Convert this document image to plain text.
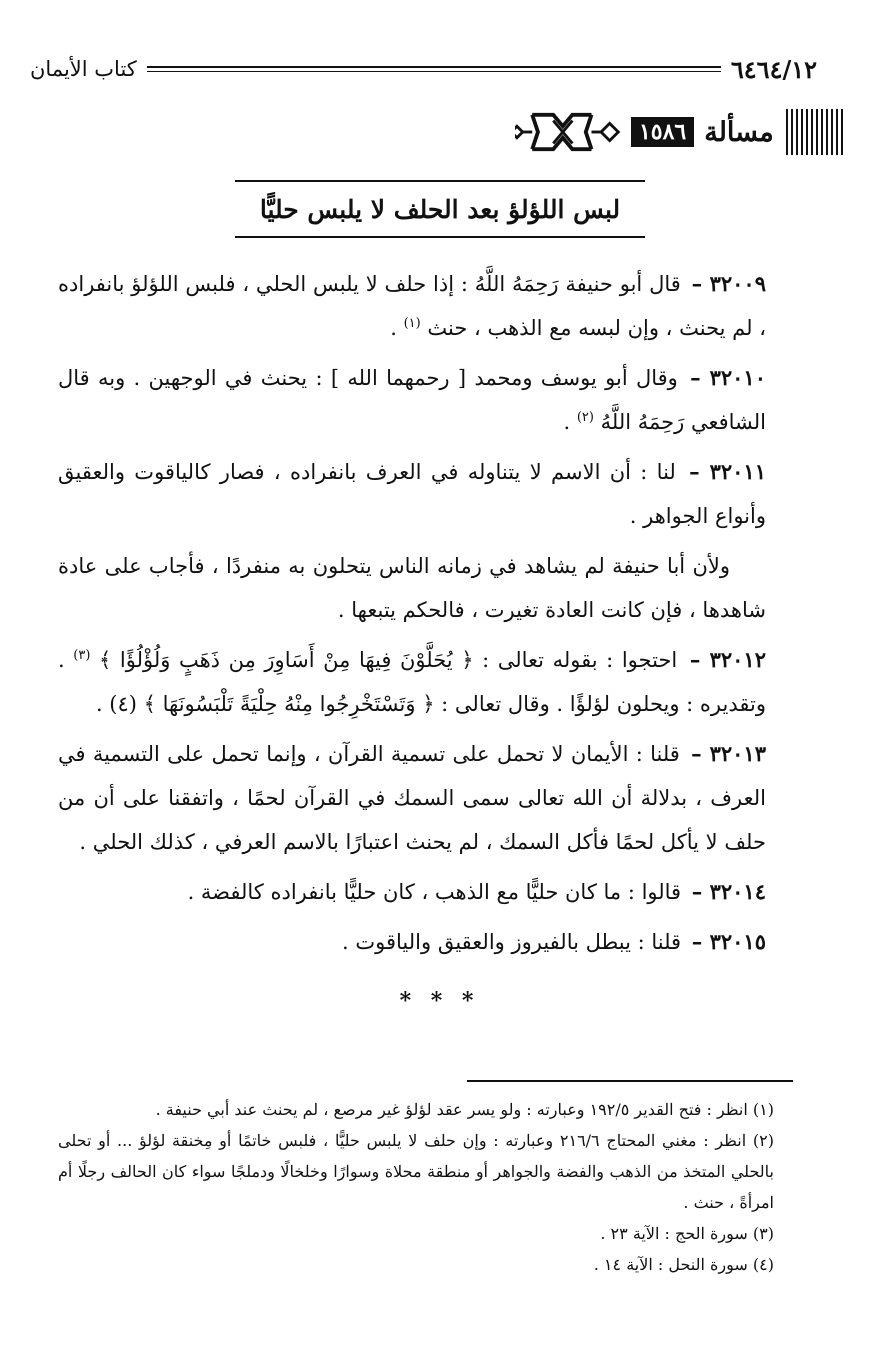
٦٤٦٤/١٢
كتاب الأيمان
مسألة
١٥٨٦
لبس اللؤلؤ بعد الحلف لا يلبس حليًّا

٣٢٠٠٩ – قال أبو حنيفة رَحِمَهُ اللَّهُ : إذا حلف لا يلبس الحلي ، فلبس اللؤلؤ بانفراده ، لم يحنث ، وإن لبسه مع الذهب ، حنث $^{(١)}$ .

٣٢٠١٠ – وقال أبو يوسف ومحمد [ رحمهما الله ] : يحنث في الوجهين . وبه قال الشافعي رَحِمَهُ اللَّهُ $^{(٢)}$ .

٣٢٠١١ – لنا : أن الاسم لا يتناوله في العرف بانفراده ، فصار كالياقوت والعقيق وأنواع الجواهر .

ولأن أبا حنيفة لم يشاهد في زمانه الناس يتحلون به منفردًا ، فأجاب على عادة شاهدها ، فإن كانت العادة تغيرت ، فالحكم يتبعها .

٣٢٠١٢ – احتجوا : بقوله تعالى : ﴿ يُحَلَّوْنَ فِيهَا مِنْ أَسَاوِرَ مِن ذَهَبٍ وَلُؤْلُؤًا ﴾ $^{(٣)}$ . وتقديره : ويحلون لؤلؤًا . وقال تعالى : ﴿ وَتَسْتَخْرِجُوا مِنْهُ حِلْيَةً تَلْبَسُونَهَا ﴾ (٤) .

٣٢٠١٣ – قلنا : الأيمان لا تحمل على تسمية القرآن ، وإنما تحمل على التسمية في العرف ، بدلالة أن الله تعالى سمى السمك في القرآن لحمًا ، واتفقنا على أن من حلف لا يأكل لحمًا فأكل السمك ، لم يحنث اعتبارًا بالاسم العرفي ، كذلك الحلي .

٣٢٠١٤ – قالوا : ما كان حليًّا مع الذهب ، كان حليًّا بانفراده كالفضة .

٣٢٠١٥ – قلنا : يبطل بالفيروز والعقيق والياقوت .

* * *

(١) انظر : فتح القدير ١٩٢/٥ وعبارته : ولو يسر عقد لؤلؤ غير مرصع ، لم يحنث عند أبي حنيفة .

(٢) انظر : مغني المحتاج ٢١٦/٦ وعبارته : وإن حلف لا يلبس حليًّا ، فلبس خاتمًا أو مِخنقة لؤلؤ ... أو تحلى بالحلي المتخذ من الذهب والفضة والجواهر أو منطقة محلاة وسوارًا وخلخالًا ودملجًا سواء كان الحالف رجلًا أم امرأةً ، حنث .

(٣) سورة الحج : الآية ٢٣ .

(٤) سورة النحل : الآية ١٤ .
